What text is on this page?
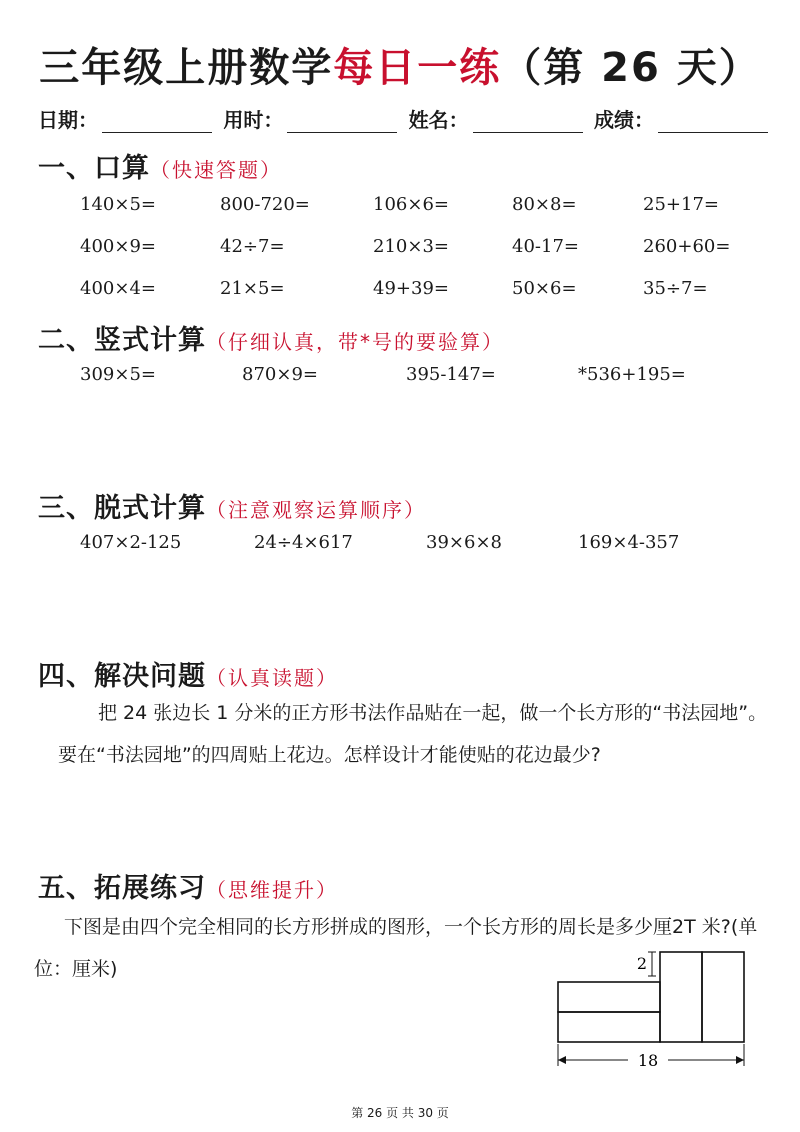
三年级上册数学每日一练（第 26 天）
日期：	用时：	姓名：	成绩：
一、口算（快速答题）
140×5=	800-720=	106×6=	80×8=	25+17=
400×9=	42÷7=	210×3=	40-17=	260+60=
400×4=	21×5=	49+39=	50×6=	35÷7=
二、竖式计算（仔细认真，带*号的要验算）
309×5=	870×9=	395-147=	*536+195=
三、脱式计算（注意观察运算顺序）
407×2-125	24÷4×617	39×6×8	169×4-357
四、解决问题（认真读题）
把 24 张边长 1 分米的正方形书法作品贴在一起，做一个长方形的“书法园地”。要在“书法园地”的四周贴上花边。怎样设计才能使贴的花边最少?
五、拓展练习（思维提升）
下图是由四个完全相同的长方形拼成的图形，一个长方形的周长是多少厘2T 米?(单位：厘米)	2
18
第 26 页 共 30 页
